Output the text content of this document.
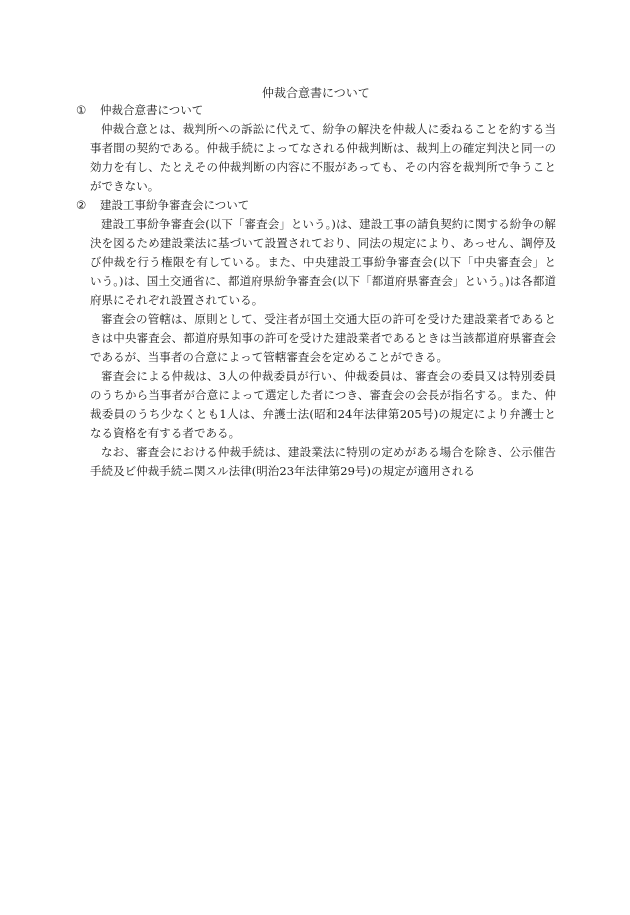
仲裁合意書について
①	仲裁合意書について

仲裁合意とは、裁判所への訴訟に代えて、紛争の解決を仲裁人に委ねることを約する当事者間の契約である。仲裁手続によってなされる仲裁判断は、裁判上の確定判決と同一の効力を有し、たとえその仲裁判断の内容に不服があっても、その内容を裁判所で争うことができない。

②	建設工事紛争審査会について

建設工事紛争審査会(以下「審査会」という。)は、建設工事の請負契約に関する紛争の解決を図るため建設業法に基づいて設置されており、同法の規定により、あっせん、調停及び仲裁を行う権限を有している。また、中央建設工事紛争審査会(以下「中央審査会」という。)は、国土交通省に、都道府県紛争審査会(以下「都道府県審査会」という。)は各都道府県にそれぞれ設置されている。

審査会の管轄は、原則として、受注者が国土交通大臣の許可を受けた建設業者であるときは中央審査会、都道府県知事の許可を受けた建設業者であるときは当該都道府県審査会であるが、当事者の合意によって管轄審査会を定めることができる。

審査会による仲裁は、3人の仲裁委員が行い、仲裁委員は、審査会の委員又は特別委員のうちから当事者が合意によって選定した者につき、審査会の会長が指名する。また、仲裁委員のうち少なくとも1人は、弁護士法(昭和24年法律第205号)の規定により弁護士となる資格を有する者である。

なお、審査会における仲裁手続は、建設業法に特別の定めがある場合を除き、公示催告手続及ビ仲裁手続ニ関スル法律(明治23年法律第29号)の規定が適用される
